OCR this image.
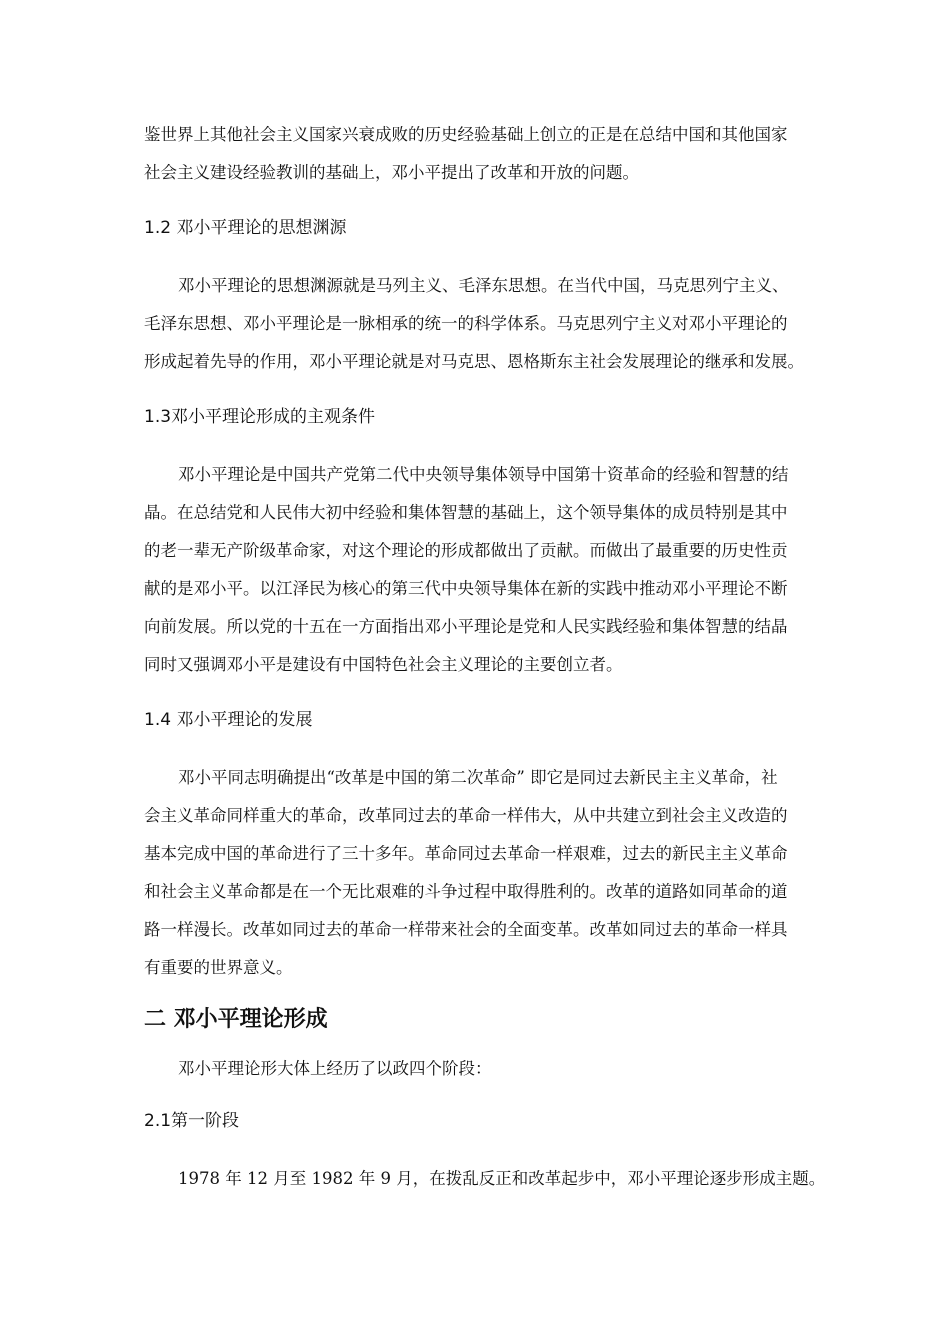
鉴世界上其他社会主义国家兴衰成败的历史经验基础上创立的正是在总结中国和其他国家
社会主义建设经验教训的基础上，邓小平提出了改革和开放的问题。
1.2 邓小平理论的思想渊源
邓小平理论的思想渊源就是马列主义、毛泽东思想。在当代中国，马克思列宁主义、
毛泽东思想、邓小平理论是一脉相承的统一的科学体系。马克思列宁主义对邓小平理论的
形成起着先导的作用，邓小平理论就是对马克思、恩格斯东主社会发展理论的继承和发展。
1.3邓小平理论形成的主观条件
邓小平理论是中国共产党第二代中央领导集体领导中国第十资革命的经验和智慧的结
晶。在总结党和人民伟大初中经验和集体智慧的基础上，这个领导集体的成员特别是其中
的老一辈无产阶级革命家，对这个理论的形成都做出了贡献。而做出了最重要的历史性贡
献的是邓小平。以江泽民为核心的第三代中央领导集体在新的实践中推动邓小平理论不断
向前发展。所以党的十五在一方面指出邓小平理论是党和人民实践经验和集体智慧的结晶
同时又强调邓小平是建设有中国特色社会主义理论的主要创立者。
1.4 邓小平理论的发展
邓小平同志明确提出“改革是中国的第二次革命” 即它是同过去新民主主义革命，社
会主义革命同样重大的革命，改革同过去的革命一样伟大，从中共建立到社会主义改造的
基本完成中国的革命进行了三十多年。革命同过去革命一样艰难，过去的新民主主义革命
和社会主义革命都是在一个无比艰难的斗争过程中取得胜利的。改革的道路如同革命的道
路一样漫长。改革如同过去的革命一样带来社会的全面变革。改革如同过去的革命一样具
有重要的世界意义。
二 邓小平理论形成
邓小平理论形大体上经历了以政四个阶段：
2.1第一阶段
1978 年 12 月至 1982 年 9 月，在拨乱反正和改革起步中，邓小平理论逐步形成主题。
